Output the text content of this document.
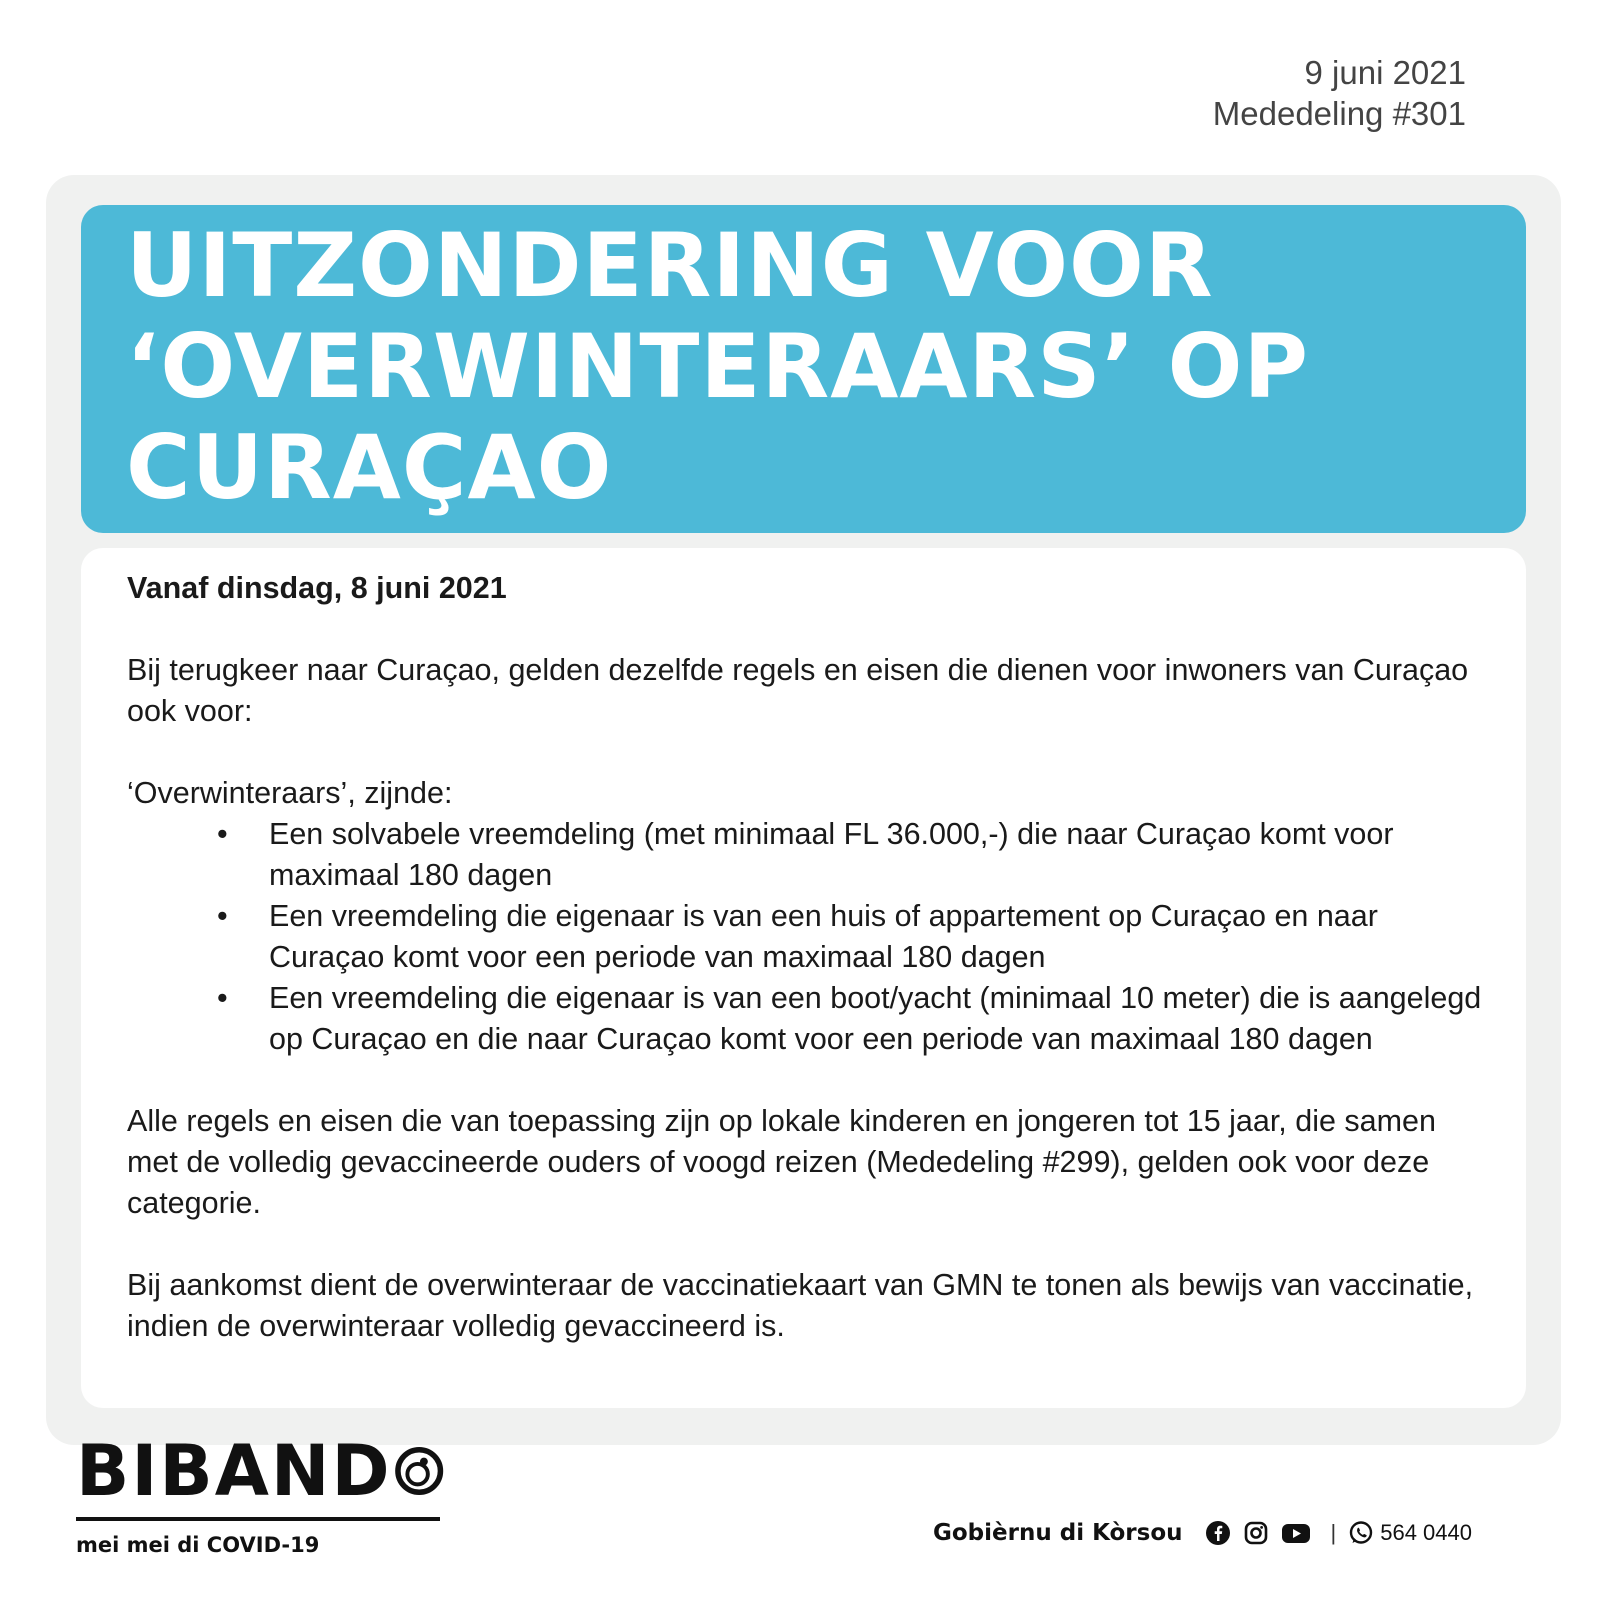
9 juni 2021
Mededeling #301
UITZONDERING VOOR
‘OVERWINTERAARS’ OP
CURAÇAO

Vanaf dinsdag, 8 juni 2021

Bij terugkeer naar Curaçao, gelden dezelfde regels en eisen die dienen voor inwoners van Curaçao ook voor:

‘Overwinteraars’, zijnde:

• Een solvabele vreemdeling (met minimaal FL 36.000,-) die naar Curaçao komt voor maximaal 180 dagen
• Een vreemdeling die eigenaar is van een huis of appartement op Curaçao en naar Curaçao komt voor een periode van maximaal 180 dagen
• Een vreemdeling die eigenaar is van een boot/yacht (minimaal 10 meter) die is aangelegd op Curaçao en die naar Curaçao komt voor een periode van maximaal 180 dagen

Alle regels en eisen die van toepassing zijn op lokale kinderen en jongeren tot 15 jaar, die samen met de volledig gevaccineerde ouders of voogd reizen (Mededeling #299), gelden ook voor deze categorie.

Bij aankomst dient de overwinteraar de vaccinatiekaart van GMN te tonen als bewijs van vaccinatie, indien de overwinteraar volledig gevaccineerd is.

BIBAND
mei mei di COVID-19	Gobièrnu di Kòrsou	| 564 0440
